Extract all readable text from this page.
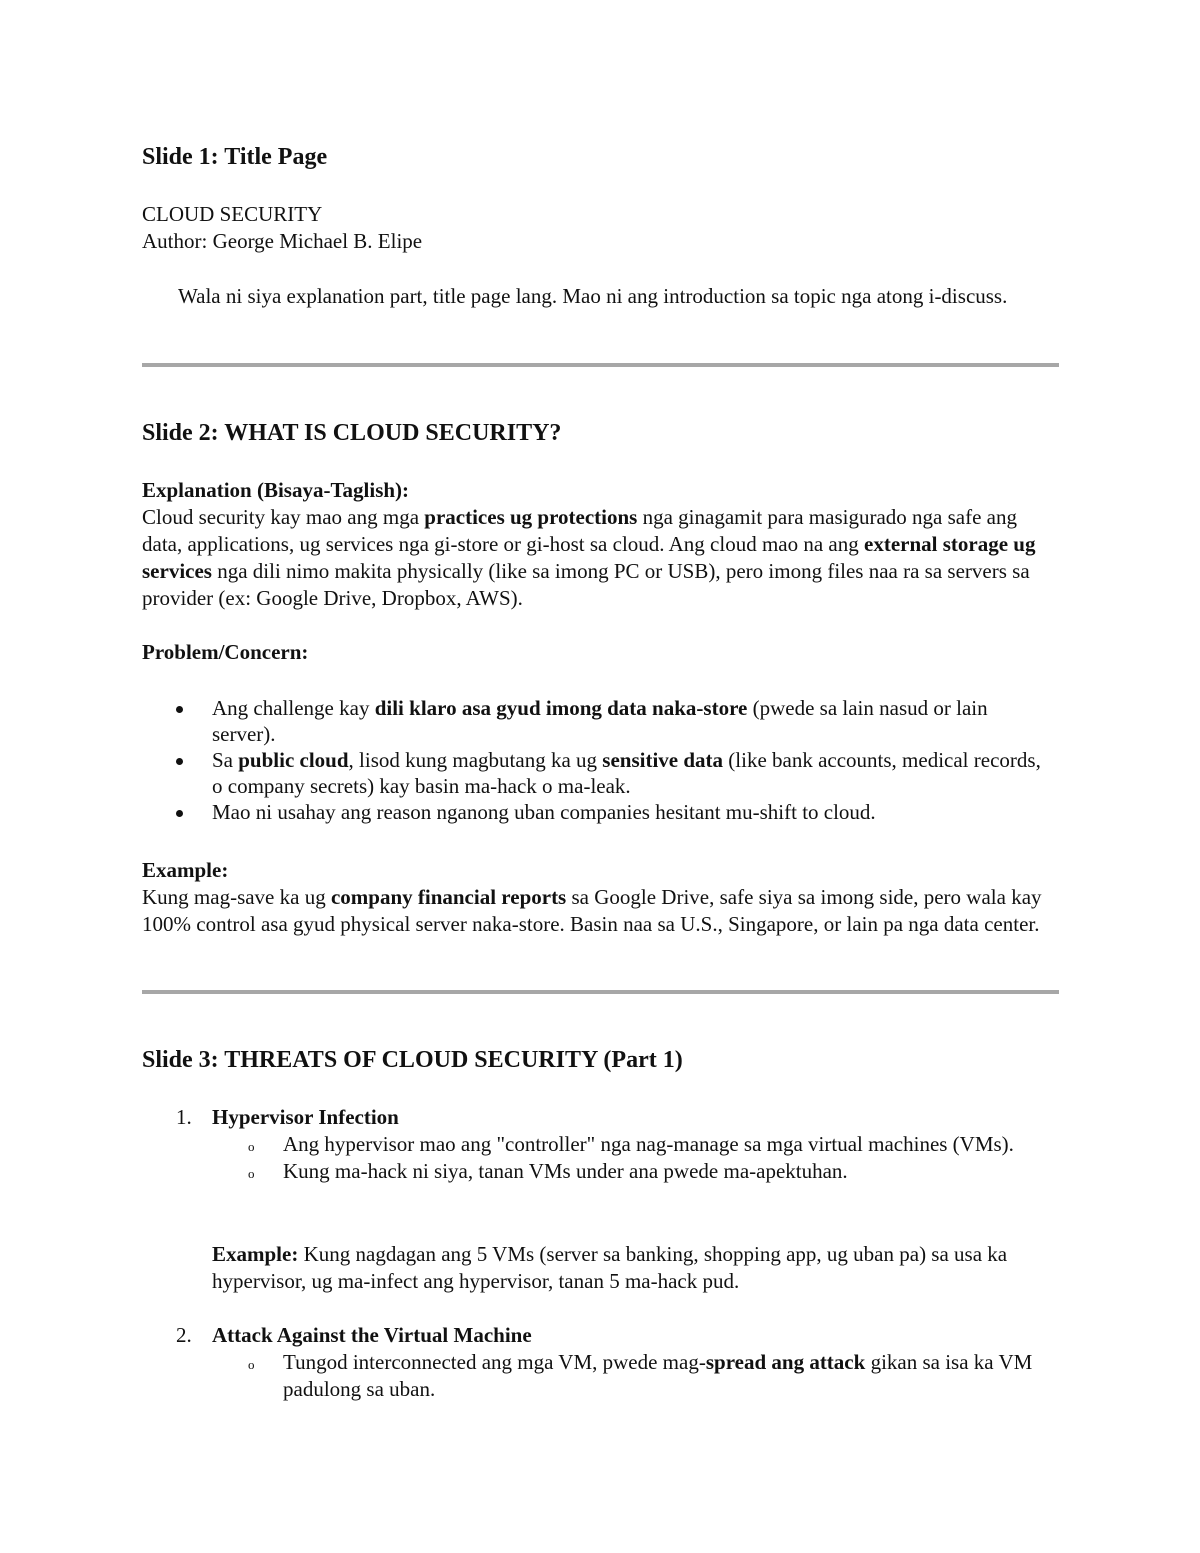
Slide 1: Title Page
CLOUD SECURITY
Author: George Michael B. Elipe

Wala ni siya explanation part, title page lang. Mao ni ang introduction sa topic nga atong i-discuss.

Slide 2: WHAT IS CLOUD SECURITY?
Explanation (Bisaya-Taglish):

Cloud security kay mao ang mga practices ug protections nga ginagamit para masigurado nga safe ang data, applications, ug services nga gi-store or gi-host sa cloud. Ang cloud mao na ang external storage ug services nga dili nimo makita physically (like sa imong PC or USB), pero imong files naa ra sa servers sa provider (ex: Google Drive, Dropbox, AWS).

Problem/Concern:
Ang challenge kay dili klaro asa gyud imong data naka-store (pwede sa lain nasud or lain server).
Sa public cloud, lisod kung magbutang ka ug sensitive data (like bank accounts, medical records, o company secrets) kay basin ma-hack o ma-leak.
Mao ni usahay ang reason nganong uban companies hesitant mu-shift to cloud.
Example:

Kung mag-save ka ug company financial reports sa Google Drive, safe siya sa imong side, pero wala kay 100% control asa gyud physical server naka-store. Basin naa sa U.S., Singapore, or lain pa nga data center.

Slide 3: THREATS OF CLOUD SECURITY (Part 1)
1. Hypervisor Infection
o Ang hypervisor mao ang "controller" nga nag-manage sa mga virtual machines (VMs).
o Kung ma-hack ni siya, tanan VMs under ana pwede ma-apektuhan.

Example: Kung nagdagan ang 5 VMs (server sa banking, shopping app, ug uban pa) sa usa ka hypervisor, ug ma-infect ang hypervisor, tanan 5 ma-hack pud.

2. Attack Against the Virtual Machine
o Tungod interconnected ang mga VM, pwede mag-spread ang attack gikan sa isa ka VM padulong sa uban.
